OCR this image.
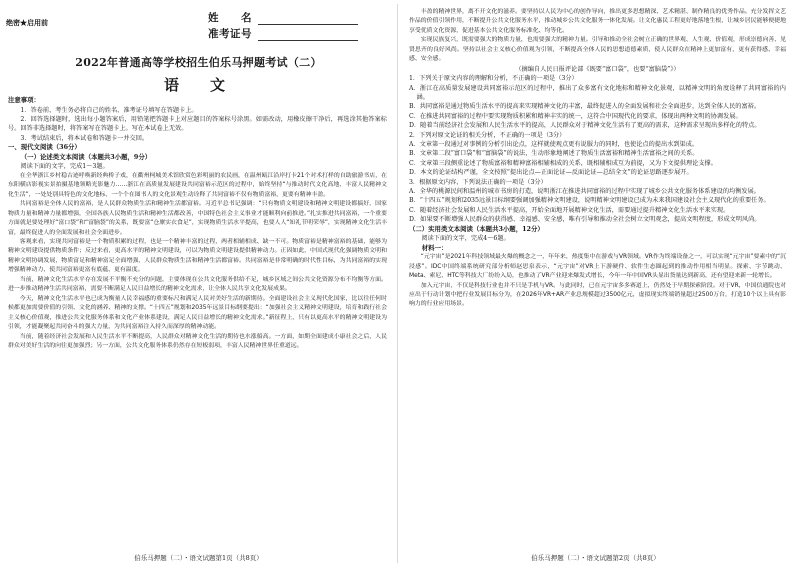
绝密★启用前	姓　　名
准考证号
2022年普通高等学校招生伯乐马押题考试（二）
语　文

注意事项：

1．答卷前，考生务必将自己的姓名、准考证号填写在答题卡上。

2．回答选择题时，选出每小题答案后，用铅笔把答题卡上对应题目的答案标号涂黑。如需改动，用橡皮擦干净后，再选涂其他答案标号。回答非选择题时，将答案写在答题卡上。写在本试卷上无效。

3．考试结束后，将本试卷和答题卡一并交回。

一、现代文阅读（36分）

（一）论述类文本阅读（本题共3小题，9分）

阅读下面的文字，完成1～3题。

在全华浙江乡村稳古迹呼唤新经典桥子戏，在衢州柯城美术馆欣赏色彩明丽的农民画，在温州瓯江沿岸打卡21个对术打样的自助旅游书店，在东阳横店影视实景拍摄基地领略光影魅力……浙江在高质量发展建设共同富裕示范区的过程中，始终坚持“与推动时代文化高地、丰富人民精神文化生活”，一处处别具特色的文化地标、一个个在图书人的文化景观生动诠释了共同富裕不仅有物质富裕，更要有精神丰盈。

共同富裕是全体人民的富裕，是人民群众物质生活和精神生活都富裕。习近平总书记强调：“只有物质文明建设和精神文明建设都搞好，国家物质力量和精神力量都增强，全国各族人民物质生活和精神生活都改善，中国特色社会主义事业才能顺利向前推进。”扎实推进共同富裕，一个重要方面就是要处理好“富口袋”和“富脑袋”的关系，既要富“仓廪实衣食足”，实现物质生活水平提高，也要人人“知礼节明荣辱”，实现精神文化生活丰富，最终促进人的全面发展和社会全面进步。

客观来看，实现共同富裕是一个物质积累的过程，也是一个精神丰富的过程，两者相辅相成、缺一不可。物质富裕是精神富裕的基础，能够为精神文明建设提供物质条件；反过来看，更高水平的精神文明建设，可以为物质文明建设提供精神动力。正因如此，中国式现代化强调物质文明和精神文明协调发展，物质富足和精神富足全面增强，人民群众物质生活和精神生活都富裕。共同富裕是非常明确的时代性目标，为共同富裕的实现增强精神动力，使共同富裕更富有底蕴、更有温度。

当前，精神文化生活水平存在发展不平衡不充分的问题，主要体现在公共文化服务供给不足，城乡区域之间公共文化资源分布不均衡等方面。进一步推动精神生活共同富裕，需要不断满足人民日益增长的精神文化需求，让全体人民共享文化发展成果。

今天，精神文化生活水平也已成为衡量人民幸福感的重要标尺和满足人民对美好生活的新期待。全面建设社会主义现代化国家，比以往任何时候都更加需要价值的引领、文化的涵养、精神的支撑。“十四五”规划和2035年远景目标纲要提出：“加强社会主义精神文明建设，培育和践行社会主义核心价值观，推进公共文化服务体系和文化产业体系建设，满足人民日益增长的精神文化需求。”新征程上，只有以更高水平的精神文明建设为引领，才能凝聚起共同奋斗的强大力量，为共同富裕注入持久而深厚的精神动能。

当前，随着经济社会发展和人民生活水平不断提高，人民群众对精神文化生活的期待也水涨船高。一方面，如期全面建成小康社会之后，人民群众对美好生活的向往更加强烈；另一方面，公共文化服务体系仍然存在短板弱项，丰富人民精神世界任重道远。

伯乐马押题（二）・语文试题第1页（共8页）

丰盈的精神世界，离不开文化的滋养。要坚持以人民为中心的创作导向，推出更多思想精深、艺术精湛、制作精良的优秀作品。充分发挥文艺作品的价值引领作用，不断提升公共文化服务水平，推动城乡公共文化服务一体化发展。让文化惠民工程更好地落地生根，让城乡居民能够便捷地享受优质文化资源，促进基本公共文化服务标准化、均等化。

实现民族复兴，既需要强大的物质力量，也需要强大的精神力量。引导和推动全社会树立正确的世界观、人生观、价值观，形成崇德向善、见贤思齐的良好风尚。坚持以社会主义核心价值观为引领，不断提高全体人民的思想道德素质，使人民群众在精神上更加富有，更有获得感、幸福感、安全感。

（摘编自人民日报评论部《既要“富口袋”，也要“富脑袋”》）

1．下列关于原文内容的理解和分析，不正确的一项是（3分）

A．浙江在高质量发展建设共同富裕示范区的过程中，推出了众多富有文化地标和精神文化景观，以精神文明的角度诠释了共同富裕的内涵。

B．共同富裕是通过物质生活水平的提高来实现精神文化的丰富，最终促进人的全面发展和社会全面进步，达到全体人民的富裕。

C．在推进共同富裕的过程中要实现物质积累和精神丰实的统一，这符合中国现代化的要求，体现出两种文明的协调发展。

D．随着当前经济社会发展和人民生活水平的提高，人民群众对于精神文化生活有了更高的需求，这种需求呈现出多样化的特点。

2．下列对原文论证的相关分析，不正确的一项是（3分）

A．文章第一段通过对事例的分析引出论点，这样就使观点更有说服力的同时，也使论点的提出水到渠成。

B．文章第二段“富口袋”和“富脑袋”的说法，生动形象地阐述了物质生活富裕和精神生活富裕之间的关系。

C．文章第三段侧重论述了物质富裕和精神富裕相辅相成的关系，既相辅相成互为前提，又为下文提供理论支撑。

D．本文的论证结构严谨，全文按照“提出论点—正面论证—反面论证—总结全文”的论证思路逐步展开。

3．根据原文内容，下列说法正确的一项是（3分）

A．全华的桃源民间和温州的城市书房的打造，说明浙江在推进共同富裕的过程中实现了城乡公共文化服务体系建设的均衡发展。

B．“十四五”规划和2035远景目标纲要强调加强精神文明建设，说明精神文明建设已成为未来我国建设社会主义现代化的重要任务。

C．随着经济社会发展和人民生活水平提高，开始全面地开展精神文化生活，需要通过提升精神文化生活水平来实现。

D．如果要不断增强人民群众的获得感、幸福感、安全感，唯有引导和推动全社会树立文明观念，提高文明程度，形成文明风尚。

（二）实用类文本阅读（本题共3小题，12分）

阅读下面的文字，完成4～6题。

材料一：

“元宇宙”是2021年科技领域最火爆的概念之一，年年来，热度集中在游戏与VR领域。VR作为终端设备之一，可以实现“元宇宙”要素中的“沉浸感”。IDC中国终端系统研究部分析师赵思泉表示，“元宇宙”对VR上下游硬件、软件生态圈起到的推动作用相当明显。探索、字节跳动、Meta、索尼、HTC等科技大厂纷纷入局，也推动了VR产业迎来爆发式增长，今年一年中国VR头显出货量达到新高，还有望迎来新一轮增长。

加入元宇宙，不仅是科技行业也并不只是手机与VR。与此同时，已在元宇宙多多赛道上，仍然处于早期探索阶段。对于VR，中国信通院也对应出于行动计划中把行业发展目标分为，在2026年VR+AR产业总规模超过3500亿元，虚拟现实终端销量超过2500万台，打造10个以上具有影响力的行业应用场景。

伯乐马押题（二）・语文试题第2页（共8页）
